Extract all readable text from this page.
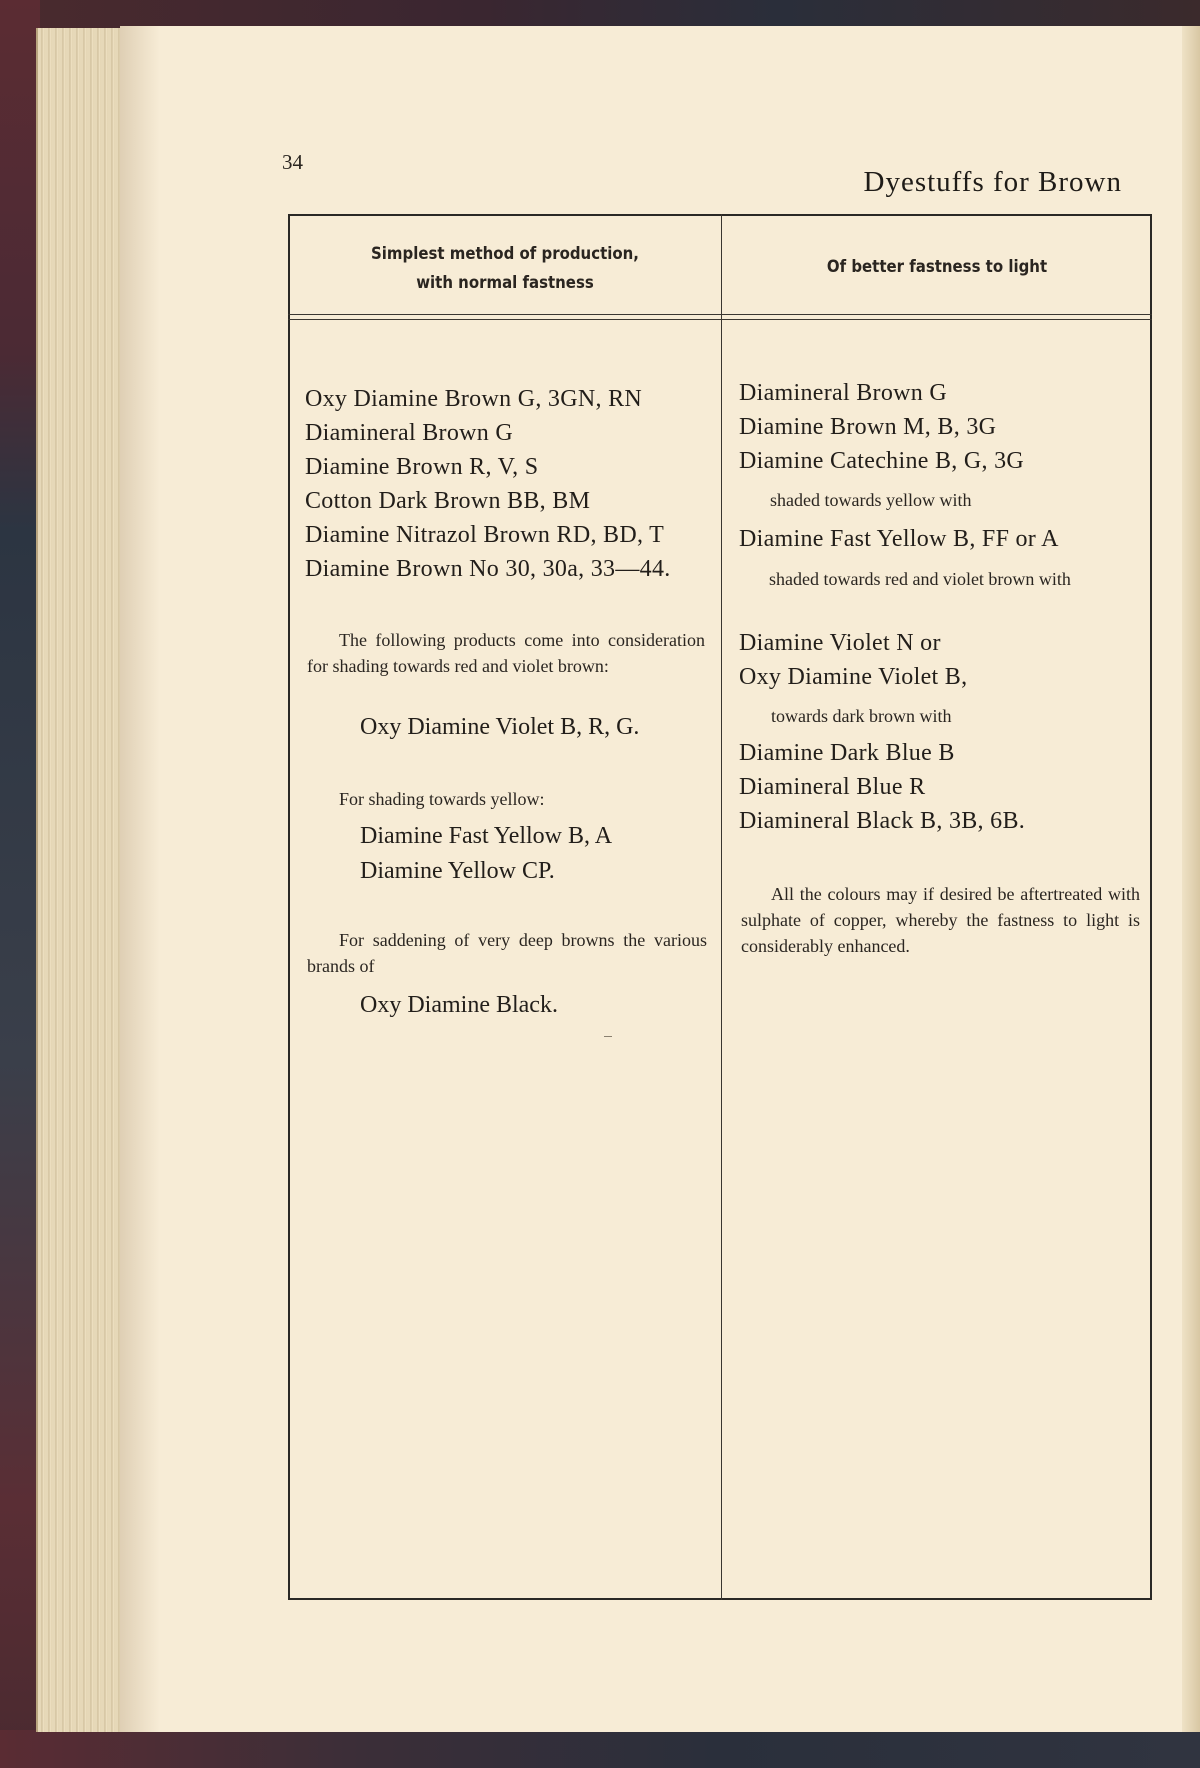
34
Dyestuffs for Brown
Simplest method of production,
with normal fastness
Of better fastness to light
Oxy Diamine Brown G, 3GN, RN
Diamineral Brown G
Diamine Brown R, V, S
Cotton Dark Brown BB, BM
Diamine Nitrazol Brown RD, BD, T
Diamine Brown No 30, 30a, 33—44.

The following products come into consideration for shading towards red and violet brown:

Oxy Diamine Violet B, R, G.

For shading towards yellow:

Diamine Fast Yellow B, A
Diamine Yellow CP.

For saddening of very deep browns the various brands of

Oxy Diamine Black.
Diamineral Brown G
Diamine Brown M, B, 3G
Diamine Catechine B, G, 3G

shaded towards yellow with

Diamine Fast Yellow B, FF or A

shaded towards red and violet brown with

Diamine Violet N or
Oxy Diamine Violet B,

towards dark brown with

Diamine Dark Blue B
Diamineral Blue R
Diamineral Black B, 3B, 6B.

All the colours may if desired be aftertreated with sulphate of copper, whereby the fastness to light is considerably enhanced.
